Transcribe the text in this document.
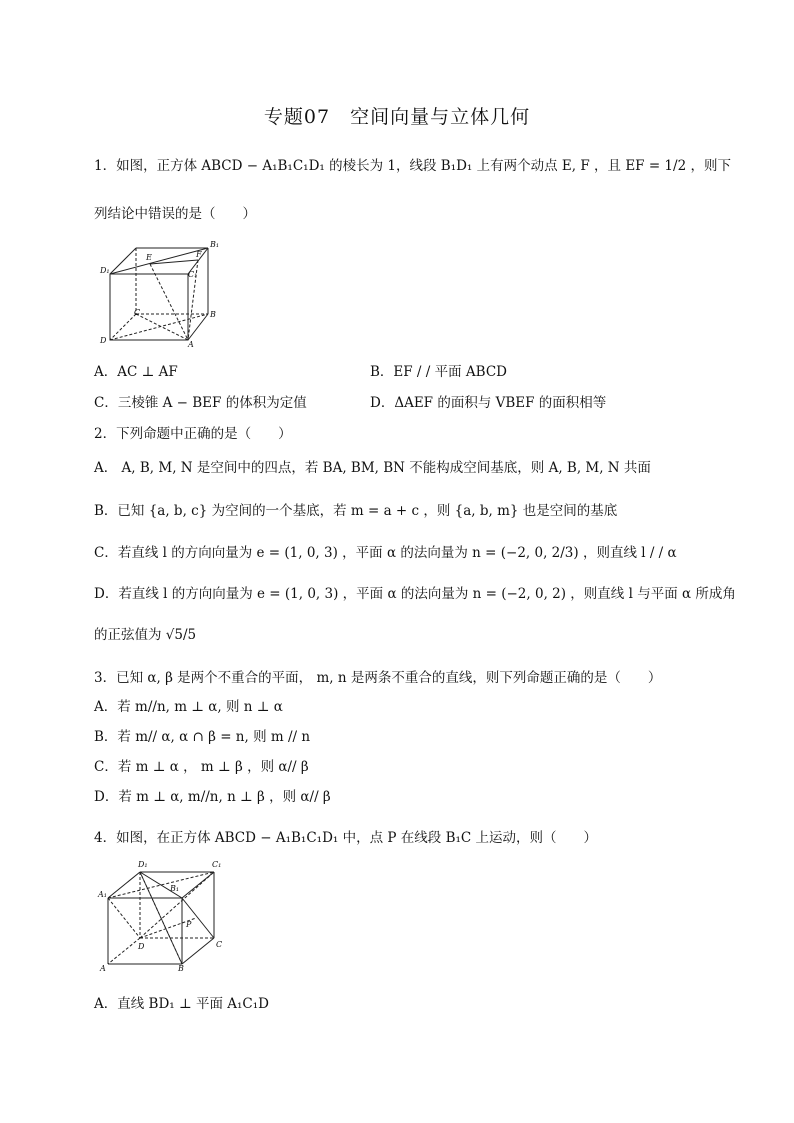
专题07　空间向量与立体几何
1．如图，正方体 ABCD − A₁B₁C₁D₁ 的棱长为 1，线段 B₁D₁ 上有两个动点 E, F ，且 EF = 1/2 ，则下
列结论中错误的是（　　）
D₁
E
B₁
F
C₁
D
C	B
A
A．AC ⊥ AF	B．EF / / 平面 ABCD
C．三棱锥 A − BEF 的体积为定值	D．ΔAEF 的面积与 VBEF 的面积相等
2．下列命题中正确的是（　　）
A． A, B, M, N 是空间中的四点，若 BA, BM, BN 不能构成空间基底，则 A, B, M, N 共面
B．已知 {a, b, c} 为空间的一个基底，若 m = a + c ，则 {a, b, m} 也是空间的基底
C．若直线 l 的方向向量为 e = (1, 0, 3) ，平面 α 的法向量为 n = (−2, 0, 2/3) ，则直线 l / / α
D．若直线 l 的方向向量为 e = (1, 0, 3) ，平面 α 的法向量为 n = (−2, 0, 2) ，则直线 l 与平面 α 所成角
的正弦值为 √5/5
3．已知 α, β 是两个不重合的平面， m, n 是两条不重合的直线，则下列命题正确的是（　　）
A．若 m//n, m ⊥ α, 则 n ⊥ α
B．若 m// α, α ∩ β = n, 则 m // n
C．若 m ⊥ α ， m ⊥ β ，则 α// β
D．若 m ⊥ α, m//n, n ⊥ β ，则 α// β
4．如图，在正方体 ABCD − A₁B₁C₁D₁ 中，点 P 在线段 B₁C 上运动，则（　　）
D₁	C₁
A₁
B₁
P
D	C
A	B
A．直线 BD₁ ⊥ 平面 A₁C₁D
